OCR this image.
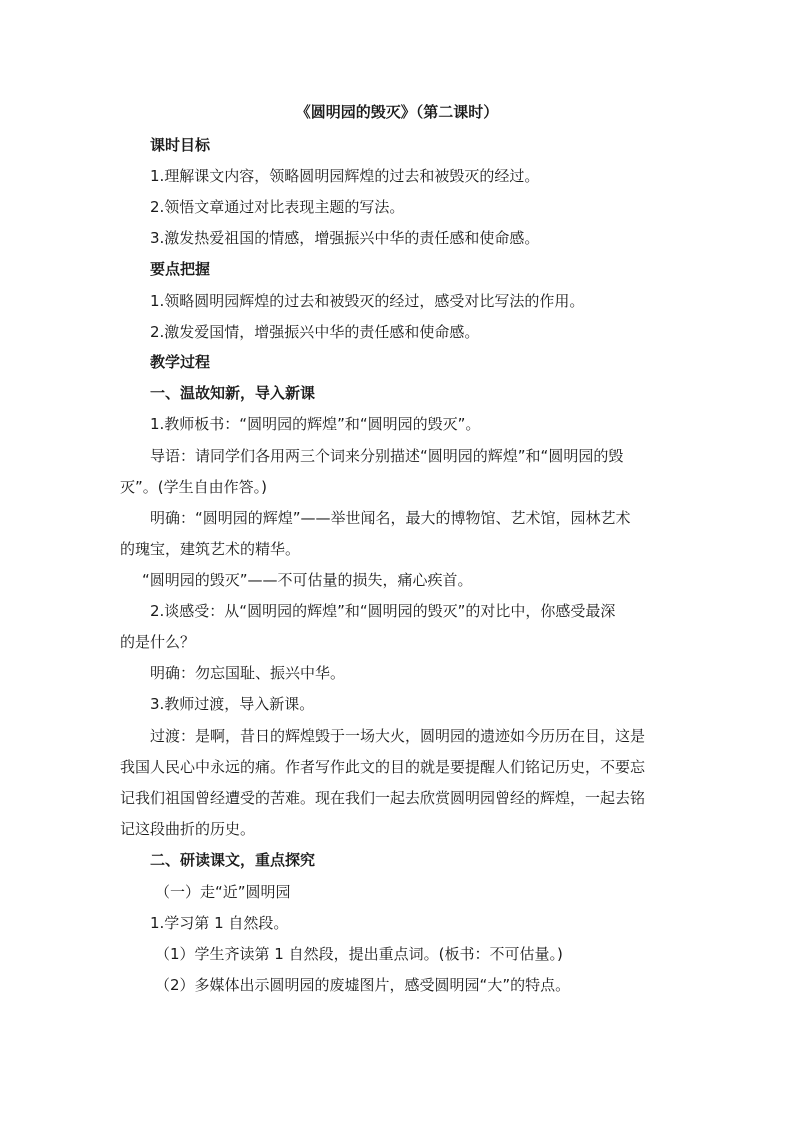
《圆明园的毁灭》（第二课时）
课时目标
1.理解课文内容，领略圆明园辉煌的过去和被毁灭的经过。
2.领悟文章通过对比表现主题的写法。
3.激发热爱祖国的情感，增强振兴中华的责任感和使命感。
要点把握
1.领略圆明园辉煌的过去和被毁灭的经过，感受对比写法的作用。
2.激发爱国情，增强振兴中华的责任感和使命感。
教学过程
一、温故知新，导入新课
1.教师板书：“圆明园的辉煌”和“圆明园的毁灭”。
导语：请同学们各用两三个词来分别描述“圆明园的辉煌”和“圆明园的毁
灭”。(学生自由作答。)
明确：“圆明园的辉煌”——举世闻名，最大的博物馆、艺术馆，园林艺术
的瑰宝，建筑艺术的精华。
“圆明园的毁灭”——不可估量的损失，痛心疾首。
2.谈感受：从“圆明园的辉煌”和“圆明园的毁灭”的对比中，你感受最深
的是什么？
明确：勿忘国耻、振兴中华。
3.教师过渡，导入新课。
过渡：是啊，昔日的辉煌毁于一场大火，圆明园的遗迹如今历历在目，这是
我国人民心中永远的痛。作者写作此文的目的就是要提醒人们铭记历史，不要忘
记我们祖国曾经遭受的苦难。现在我们一起去欣赏圆明园曾经的辉煌，一起去铭
记这段曲折的历史。
二、研读课文，重点探究
（一）走“近”圆明园
1.学习第 1 自然段。
（1）学生齐读第 1 自然段，提出重点词。(板书：不可估量。)
（2）多媒体出示圆明园的废墟图片，感受圆明园“大”的特点。
